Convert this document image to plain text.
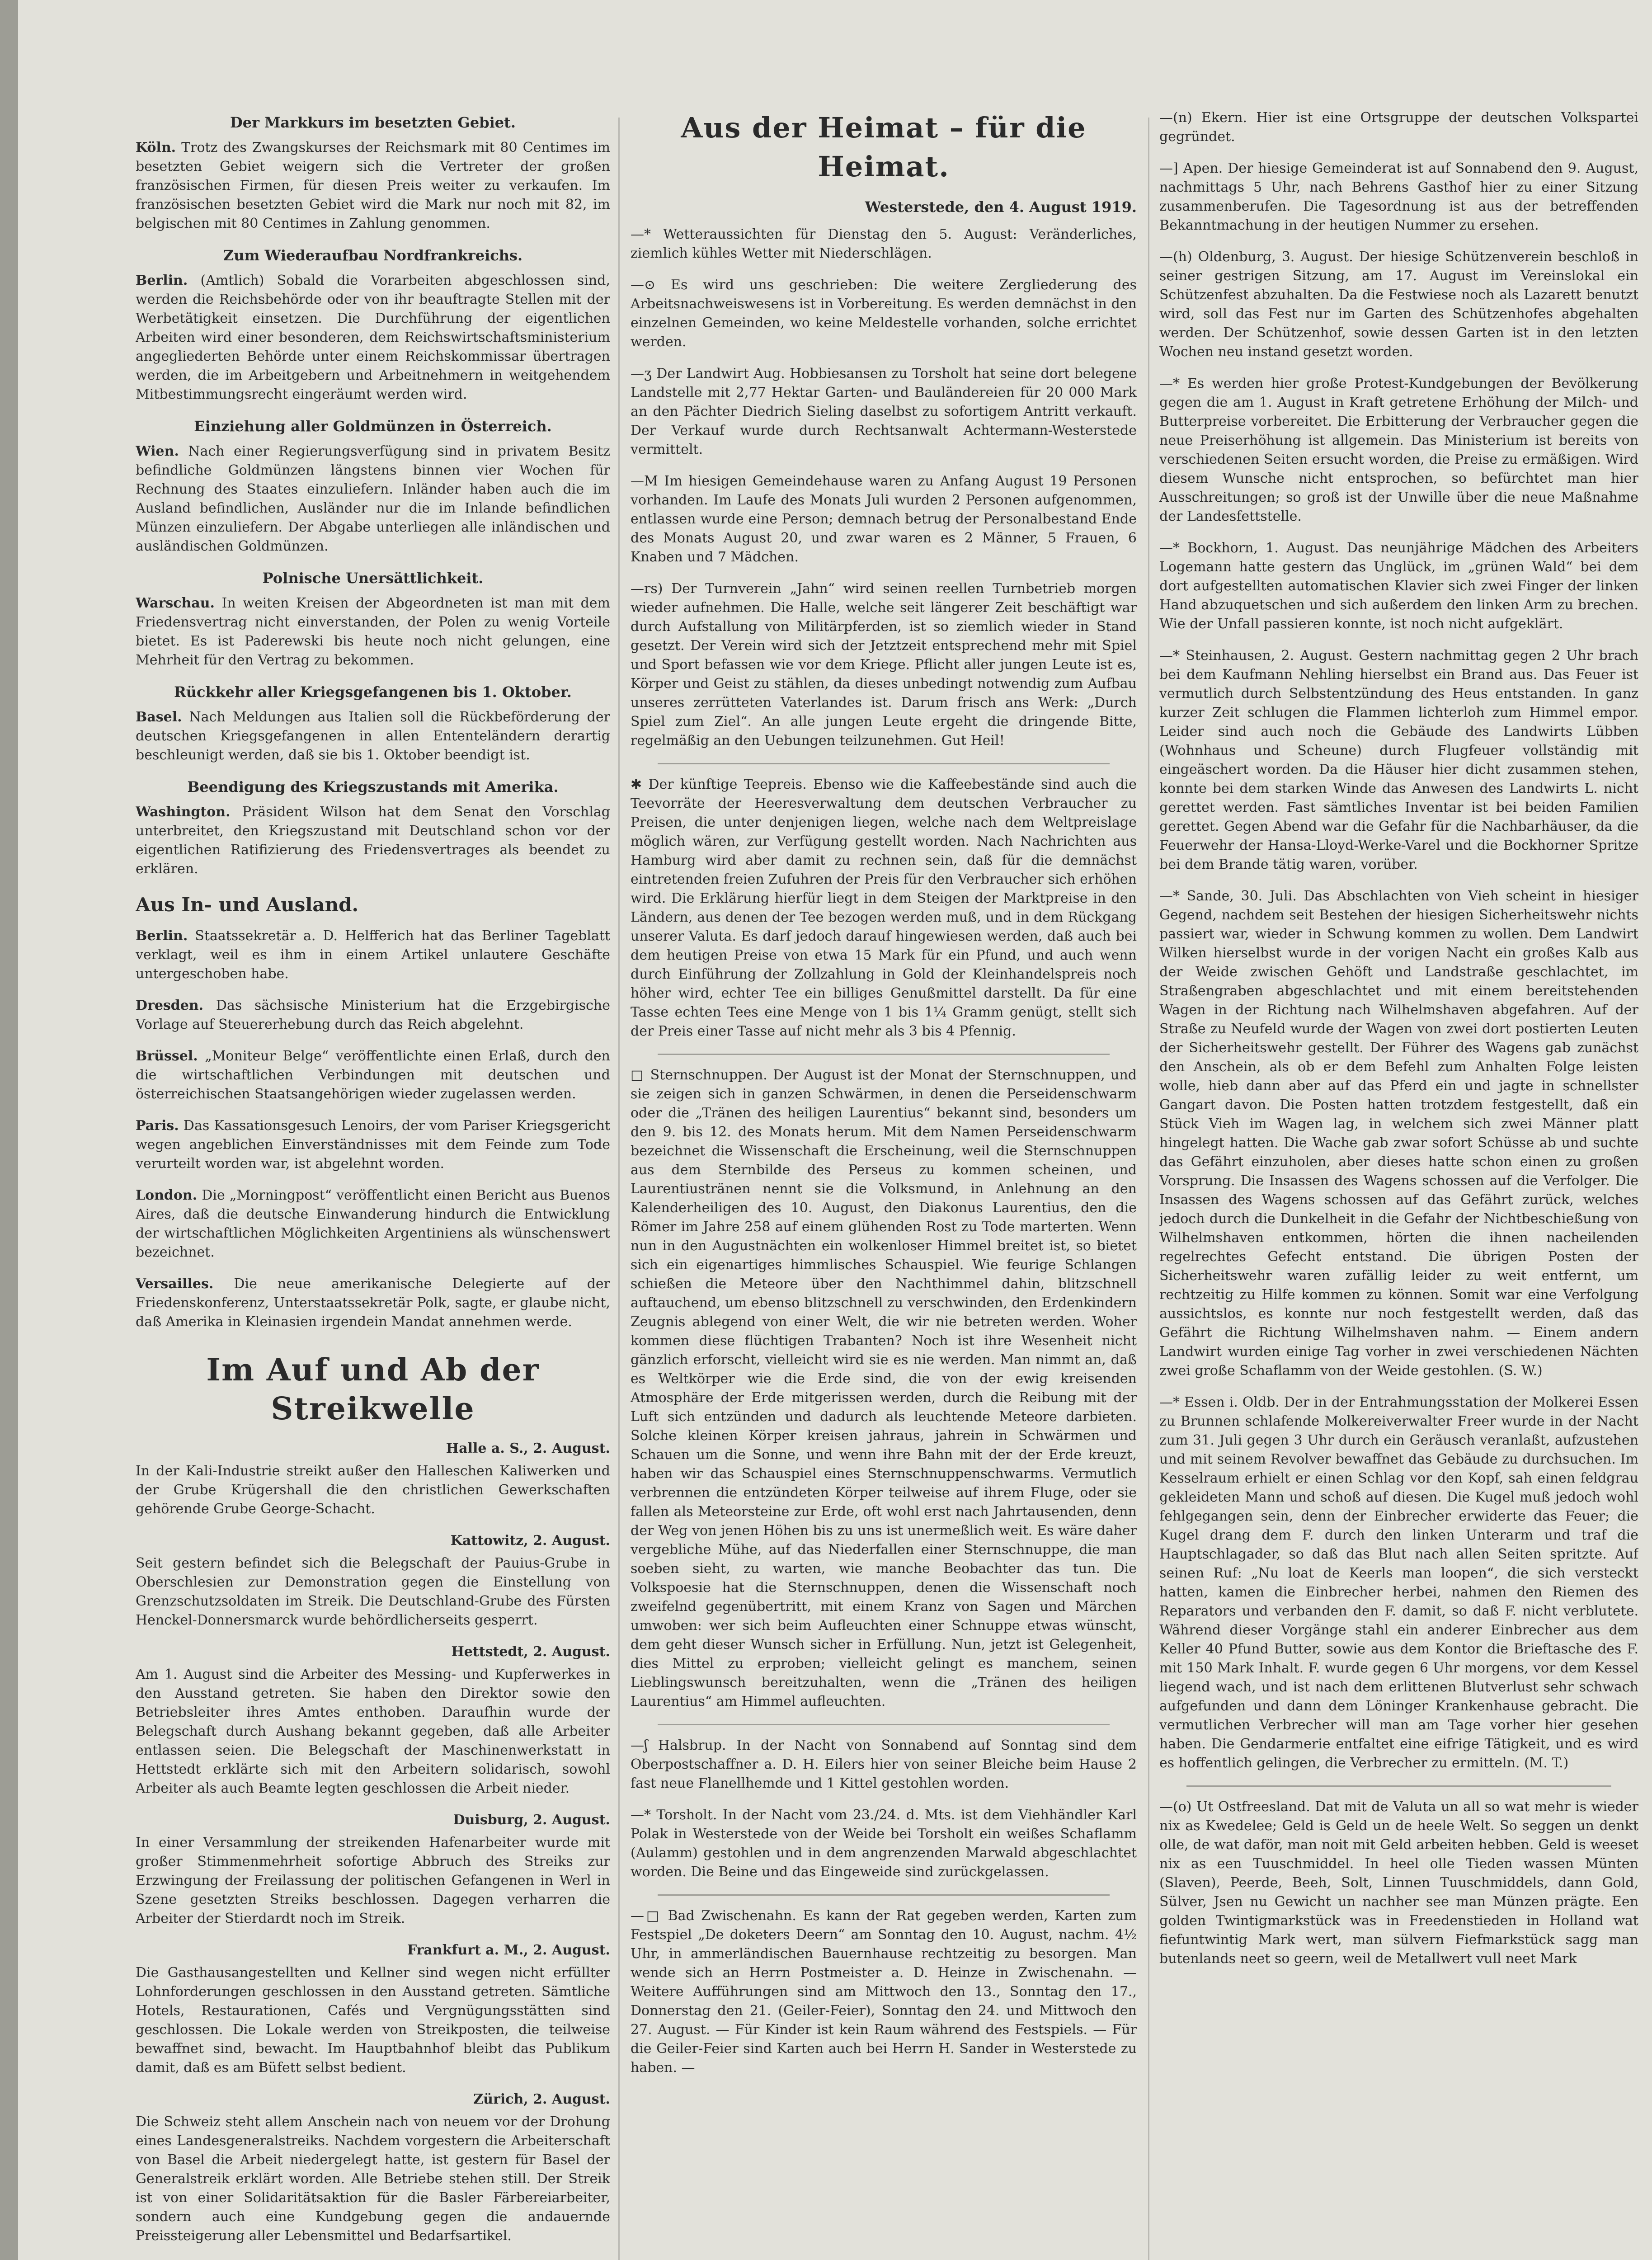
Der Markkurs im besetzten Gebiet.

Köln. Trotz des Zwangskurses der Reichsmark mit 80 Centimes im besetzten Gebiet weigern sich die Vertreter der großen französischen Firmen, für diesen Preis weiter zu verkaufen. Im französischen besetzten Gebiet wird die Mark nur noch mit 82, im belgischen mit 80 Centimes in Zahlung genommen.

Zum Wiederaufbau Nordfrankreichs.

Berlin. (Amtlich) Sobald die Vorarbeiten abgeschlossen sind, werden die Reichsbehörde oder von ihr beauftragte Stellen mit der Werbetätigkeit einsetzen. Die Durchführung der eigentlichen Arbeiten wird einer besonderen, dem Reichswirtschaftsministerium angegliederten Behörde unter einem Reichskommissar übertragen werden, die im Arbeitgebern und Arbeitnehmern in weitgehendem Mitbestimmungsrecht eingeräumt werden wird.

Einziehung aller Goldmünzen in Österreich.

Wien. Nach einer Regierungsverfügung sind in privatem Besitz befindliche Goldmünzen längstens binnen vier Wochen für Rechnung des Staates einzuliefern. Inländer haben auch die im Ausland befindlichen, Ausländer nur die im Inlande befindlichen Münzen einzuliefern. Der Abgabe unterliegen alle inländischen und ausländischen Goldmünzen.

Polnische Unersättlichkeit.

Warschau. In weiten Kreisen der Abgeordneten ist man mit dem Friedensvertrag nicht einverstanden, der Polen zu wenig Vorteile bietet. Es ist Paderewski bis heute noch nicht gelungen, eine Mehrheit für den Vertrag zu bekommen.

Rückkehr aller Kriegsgefangenen bis 1. Oktober.

Basel. Nach Meldungen aus Italien soll die Rückbeförderung der deutschen Kriegsgefangenen in allen Ententeländern derartig beschleunigt werden, daß sie bis 1. Oktober beendigt ist.

Beendigung des Kriegszustands mit Amerika.

Washington. Präsident Wilson hat dem Senat den Vorschlag unterbreitet, den Kriegszustand mit Deutschland schon vor der eigentlichen Ratifizierung des Friedensvertrages als beendet zu erklären.

Aus In- und Ausland.

Berlin. Staatssekretär a. D. Helfferich hat das Berliner Tageblatt verklagt, weil es ihm in einem Artikel unlautere Geschäfte untergeschoben habe.

Dresden. Das sächsische Ministerium hat die Erzgebirgische Vorlage auf Steuererhebung durch das Reich abgelehnt.

Brüssel. „Moniteur Belge“ veröffentlichte einen Erlaß, durch den die wirtschaftlichen Verbindungen mit deutschen und österreichischen Staatsangehörigen wieder zugelassen werden.

Paris. Das Kassationsgesuch Lenoirs, der vom Pariser Kriegsgericht wegen angeblichen Einverständnisses mit dem Feinde zum Tode verurteilt worden war, ist abgelehnt worden.

London. Die „Morningpost“ veröffentlicht einen Bericht aus Buenos Aires, daß die deutsche Einwanderung hindurch die Entwicklung der wirtschaftlichen Möglichkeiten Argentiniens als wünschenswert bezeichnet.

Versailles. Die neue amerikanische Delegierte auf der Friedenskonferenz, Unterstaatssekretär Polk, sagte, er glaube nicht, daß Amerika in Kleinasien irgendein Mandat annehmen werde.

Im Auf und Ab der Streikwelle
Halle a. S., 2. August.

In der Kali-Industrie streikt außer den Halleschen Kaliwerken und der Grube Krügershall die den christlichen Gewerkschaften gehörende Grube George-Schacht.

Kattowitz, 2. August.

Seit gestern befindet sich die Belegschaft der Pauius-Grube in Oberschlesien zur Demonstration gegen die Einstellung von Grenzschutzsoldaten im Streik. Die Deutschland-Grube des Fürsten Henckel-Donnersmarck wurde behördlicherseits gesperrt.

Hettstedt, 2. August.

Am 1. August sind die Arbeiter des Messing- und Kupferwerkes in den Ausstand getreten. Sie haben den Direktor sowie den Betriebsleiter ihres Amtes enthoben. Daraufhin wurde der Belegschaft durch Aushang bekannt gegeben, daß alle Arbeiter entlassen seien. Die Belegschaft der Maschinenwerkstatt in Hettstedt erklärte sich mit den Arbeitern solidarisch, sowohl Arbeiter als auch Beamte legten geschlossen die Arbeit nieder.

Duisburg, 2. August.

In einer Versammlung der streikenden Hafenarbeiter wurde mit großer Stimmenmehrheit sofortige Abbruch des Streiks zur Erzwingung der Freilassung der politischen Gefangenen in Werl in Szene gesetzten Streiks beschlossen. Dagegen verharren die Arbeiter der Stierdardt noch im Streik.

Frankfurt a. M., 2. August.

Die Gasthausangestellten und Kellner sind wegen nicht erfüllter Lohnforderungen geschlossen in den Ausstand getreten. Sämtliche Hotels, Restaurationen, Cafés und Vergnügungsstätten sind geschlossen. Die Lokale werden von Streikposten, die teilweise bewaffnet sind, bewacht. Im Hauptbahnhof bleibt das Publikum damit, daß es am Büfett selbst bedient.

Zürich, 2. August.

Die Schweiz steht allem Anschein nach von neuem vor der Drohung eines Landesgeneralstreiks. Nachdem vorgestern die Arbeiterschaft von Basel die Arbeit niedergelegt hatte, ist gestern für Basel der Generalstreik erklärt worden. Alle Betriebe stehen still. Der Streik ist von einer Solidaritätsaktion für die Basler Färbereiarbeiter, sondern auch eine Kundgebung gegen die andauernde Preissteigerung aller Lebensmittel und Bedarfsartikel.

Aus der Heimat – für die Heimat.
Westerstede, den 4. August 1919.

—* Wetteraussichten für Dienstag den 5. August: Veränderliches, ziemlich kühles Wetter mit Niederschlägen.

—⊙ Es wird uns geschrieben: Die weitere Zergliederung des Arbeitsnachweiswesens ist in Vorbereitung. Es werden demnächst in den einzelnen Gemeinden, wo keine Meldestelle vorhanden, solche errichtet werden.

—ʒ Der Landwirt Aug. Hobbiesansen zu Torsholt hat seine dort belegene Landstelle mit 2,77 Hektar Garten- und Bauländereien für 20 000 Mark an den Pächter Diedrich Sieling daselbst zu sofortigem Antritt verkauft. Der Verkauf wurde durch Rechtsanwalt Achtermann-Westerstede vermittelt.

—M Im hiesigen Gemeindehause waren zu Anfang August 19 Personen vorhanden. Im Laufe des Monats Juli wurden 2 Personen aufgenommen, entlassen wurde eine Person; demnach betrug der Personalbestand Ende des Monats August 20, und zwar waren es 2 Männer, 5 Frauen, 6 Knaben und 7 Mädchen.

—rs) Der Turnverein „Jahn“ wird seinen reellen Turnbetrieb morgen wieder aufnehmen. Die Halle, welche seit längerer Zeit beschäftigt war durch Aufstallung von Militärpferden, ist so ziemlich wieder in Stand gesetzt. Der Verein wird sich der Jetztzeit entsprechend mehr mit Spiel und Sport befassen wie vor dem Kriege. Pflicht aller jungen Leute ist es, Körper und Geist zu stählen, da dieses unbedingt notwendig zum Aufbau unseres zerrütteten Vaterlandes ist. Darum frisch ans Werk: „Durch Spiel zum Ziel“. An alle jungen Leute ergeht die dringende Bitte, regelmäßig an den Uebungen teilzunehmen. Gut Heil!

✱ Der künftige Teepreis. Ebenso wie die Kaffeebestände sind auch die Teevorräte der Heeresverwaltung dem deutschen Verbraucher zu Preisen, die unter denjenigen liegen, welche nach dem Weltpreislage möglich wären, zur Verfügung gestellt worden. Nach Nachrichten aus Hamburg wird aber damit zu rechnen sein, daß für die demnächst eintretenden freien Zufuhren der Preis für den Verbraucher sich erhöhen wird. Die Erklärung hierfür liegt in dem Steigen der Marktpreise in den Ländern, aus denen der Tee bezogen werden muß, und in dem Rückgang unserer Valuta. Es darf jedoch darauf hingewiesen werden, daß auch bei dem heutigen Preise von etwa 15 Mark für ein Pfund, und auch wenn durch Einführung der Zollzahlung in Gold der Kleinhandelspreis noch höher wird, echter Tee ein billiges Genußmittel darstellt. Da für eine Tasse echten Tees eine Menge von 1 bis 1¼ Gramm genügt, stellt sich der Preis einer Tasse auf nicht mehr als 3 bis 4 Pfennig.

□ Sternschnuppen. Der August ist der Monat der Sternschnuppen, und sie zeigen sich in ganzen Schwärmen, in denen die Perseidenschwarm oder die „Tränen des heiligen Laurentius“ bekannt sind, besonders um den 9. bis 12. des Monats herum. Mit dem Namen Perseidenschwarm bezeichnet die Wissenschaft die Erscheinung, weil die Sternschnuppen aus dem Sternbilde des Perseus zu kommen scheinen, und Laurentiustränen nennt sie die Volksmund, in Anlehnung an den Kalenderheiligen des 10. August, den Diakonus Laurentius, den die Römer im Jahre 258 auf einem glühenden Rost zu Tode marterten. Wenn nun in den Augustnächten ein wolkenloser Himmel breitet ist, so bietet sich ein eigenartiges himmlisches Schauspiel. Wie feurige Schlangen schießen die Meteore über den Nachthimmel dahin, blitzschnell auftauchend, um ebenso blitzschnell zu verschwinden, den Erdenkindern Zeugnis ablegend von einer Welt, die wir nie betreten werden. Woher kommen diese flüchtigen Trabanten? Noch ist ihre Wesenheit nicht gänzlich erforscht, vielleicht wird sie es nie werden. Man nimmt an, daß es Weltkörper wie die Erde sind, die von der ewig kreisenden Atmosphäre der Erde mitgerissen werden, durch die Reibung mit der Luft sich entzünden und dadurch als leuchtende Meteore darbieten. Solche kleinen Körper kreisen jahraus, jahrein in Schwärmen und Schauen um die Sonne, und wenn ihre Bahn mit der der Erde kreuzt, haben wir das Schauspiel eines Sternschnuppenschwarms. Vermutlich verbrennen die entzündeten Körper teilweise auf ihrem Fluge, oder sie fallen als Meteorsteine zur Erde, oft wohl erst nach Jahrtausenden, denn der Weg von jenen Höhen bis zu uns ist unermeßlich weit. Es wäre daher vergebliche Mühe, auf das Niederfallen einer Sternschnuppe, die man soeben sieht, zu warten, wie manche Beobachter das tun. Die Volkspoesie hat die Sternschnuppen, denen die Wissenschaft noch zweifelnd gegenübertritt, mit einem Kranz von Sagen und Märchen umwoben: wer sich beim Aufleuchten einer Schnuppe etwas wünscht, dem geht dieser Wunsch sicher in Erfüllung. Nun, jetzt ist Gelegenheit, dies Mittel zu erproben; vielleicht gelingt es manchem, seinen Lieblingswunsch bereitzuhalten, wenn die „Tränen des heiligen Laurentius“ am Himmel aufleuchten.

—ʃ Halsbrup. In der Nacht von Sonnabend auf Sonntag sind dem Oberpostschaffner a. D. H. Eilers hier von seiner Bleiche beim Hause 2 fast neue Flanellhemde und 1 Kittel gestohlen worden.

—* Torsholt. In der Nacht vom 23./24. d. Mts. ist dem Viehhändler Karl Polak in Westerstede von der Weide bei Torsholt ein weißes Schaflamm (Aulamm) gestohlen und in dem angrenzenden Marwald abgeschlachtet worden. Die Beine und das Eingeweide sind zurückgelassen.

—□ Bad Zwischenahn. Es kann der Rat gegeben werden, Karten zum Festspiel „De doketers Deern“ am Sonntag den 10. August, nachm. 4½ Uhr, in ammerländischen Bauernhause rechtzeitig zu besorgen. Man wende sich an Herrn Postmeister a. D. Heinze in Zwischenahn. — Weitere Aufführungen sind am Mittwoch den 13., Sonntag den 17., Donnerstag den 21. (Geiler-Feier), Sonntag den 24. und Mittwoch den 27. August. — Für Kinder ist kein Raum während des Festspiels. — Für die Geiler-Feier sind Karten auch bei Herrn H. Sander in Westerstede zu haben. —

—(n) Ekern. Hier ist eine Ortsgruppe der deutschen Volkspartei gegründet.

—] Apen. Der hiesige Gemeinderat ist auf Sonnabend den 9. August, nachmittags 5 Uhr, nach Behrens Gasthof hier zu einer Sitzung zusammenberufen. Die Tagesordnung ist aus der betreffenden Bekanntmachung in der heutigen Nummer zu ersehen.

—(h) Oldenburg, 3. August. Der hiesige Schützenverein beschloß in seiner gestrigen Sitzung, am 17. August im Vereinslokal ein Schützenfest abzuhalten. Da die Festwiese noch als Lazarett benutzt wird, soll das Fest nur im Garten des Schützenhofes abgehalten werden. Der Schützenhof, sowie dessen Garten ist in den letzten Wochen neu instand gesetzt worden.

—* Es werden hier große Protest-Kundgebungen der Bevölkerung gegen die am 1. August in Kraft getretene Erhöhung der Milch- und Butterpreise vorbereitet. Die Erbitterung der Verbraucher gegen die neue Preiserhöhung ist allgemein. Das Ministerium ist bereits von verschiedenen Seiten ersucht worden, die Preise zu ermäßigen. Wird diesem Wunsche nicht entsprochen, so befürchtet man hier Ausschreitungen; so groß ist der Unwille über die neue Maßnahme der Landesfettstelle.

—* Bockhorn, 1. August. Das neunjährige Mädchen des Arbeiters Logemann hatte gestern das Unglück, im „grünen Wald“ bei dem dort aufgestellten automatischen Klavier sich zwei Finger der linken Hand abzuquetschen und sich außerdem den linken Arm zu brechen. Wie der Unfall passieren konnte, ist noch nicht aufgeklärt.

—* Steinhausen, 2. August. Gestern nachmittag gegen 2 Uhr brach bei dem Kaufmann Nehling hierselbst ein Brand aus. Das Feuer ist vermutlich durch Selbstentzündung des Heus entstanden. In ganz kurzer Zeit schlugen die Flammen lichterloh zum Himmel empor. Leider sind auch noch die Gebäude des Landwirts Lübben (Wohnhaus und Scheune) durch Flugfeuer vollständig mit eingeäschert worden. Da die Häuser hier dicht zusammen stehen, konnte bei dem starken Winde das Anwesen des Landwirts L. nicht gerettet werden. Fast sämtliches Inventar ist bei beiden Familien gerettet. Gegen Abend war die Gefahr für die Nachbarhäuser, da die Feuerwehr der Hansa-Lloyd-Werke-Varel und die Bockhorner Spritze bei dem Brande tätig waren, vorüber.

—* Sande, 30. Juli. Das Abschlachten von Vieh scheint in hiesiger Gegend, nachdem seit Bestehen der hiesigen Sicherheitswehr nichts passiert war, wieder in Schwung kommen zu wollen. Dem Landwirt Wilken hierselbst wurde in der vorigen Nacht ein großes Kalb aus der Weide zwischen Gehöft und Landstraße geschlachtet, im Straßengraben abgeschlachtet und mit einem bereitstehenden Wagen in der Richtung nach Wilhelmshaven abgefahren. Auf der Straße zu Neufeld wurde der Wagen von zwei dort postierten Leuten der Sicherheitswehr gestellt. Der Führer des Wagens gab zunächst den Anschein, als ob er dem Befehl zum Anhalten Folge leisten wolle, hieb dann aber auf das Pferd ein und jagte in schnellster Gangart davon. Die Posten hatten trotzdem festgestellt, daß ein Stück Vieh im Wagen lag, in welchem sich zwei Männer platt hingelegt hatten. Die Wache gab zwar sofort Schüsse ab und suchte das Gefährt einzuholen, aber dieses hatte schon einen zu großen Vorsprung. Die Insassen des Wagens schossen auf die Verfolger. Die Insassen des Wagens schossen auf das Gefährt zurück, welches jedoch durch die Dunkelheit in die Gefahr der Nichtbeschießung von Wilhelmshaven entkommen, hörten die ihnen nacheilenden regelrechtes Gefecht entstand. Die übrigen Posten der Sicherheitswehr waren zufällig leider zu weit entfernt, um rechtzeitig zu Hilfe kommen zu können. Somit war eine Verfolgung aussichtslos, es konnte nur noch festgestellt werden, daß das Gefährt die Richtung Wilhelmshaven nahm. — Einem andern Landwirt wurden einige Tag vorher in zwei verschiedenen Nächten zwei große Schaflamm von der Weide gestohlen. (S. W.)

—* Essen i. Oldb. Der in der Entrahmungsstation der Molkerei Essen zu Brunnen schlafende Molkereiverwalter Freer wurde in der Nacht zum 31. Juli gegen 3 Uhr durch ein Geräusch veranlaßt, aufzustehen und mit seinem Revolver bewaffnet das Gebäude zu durchsuchen. Im Kesselraum erhielt er einen Schlag vor den Kopf, sah einen feldgrau gekleideten Mann und schoß auf diesen. Die Kugel muß jedoch wohl fehlgegangen sein, denn der Einbrecher erwiderte das Feuer; die Kugel drang dem F. durch den linken Unterarm und traf die Hauptschlagader, so daß das Blut nach allen Seiten spritzte. Auf seinen Ruf: „Nu loat de Keerls man loopen“, die sich versteckt hatten, kamen die Einbrecher herbei, nahmen den Riemen des Reparators und verbanden den F. damit, so daß F. nicht verblutete. Während dieser Vorgänge stahl ein anderer Einbrecher aus dem Keller 40 Pfund Butter, sowie aus dem Kontor die Brieftasche des F. mit 150 Mark Inhalt. F. wurde gegen 6 Uhr morgens, vor dem Kessel liegend wach, und ist nach dem erlittenen Blutverlust sehr schwach aufgefunden und dann dem Löninger Krankenhause gebracht. Die vermutlichen Verbrecher will man am Tage vorher hier gesehen haben. Die Gendarmerie entfaltet eine eifrige Tätigkeit, und es wird es hoffentlich gelingen, die Verbrecher zu ermitteln. (M. T.)

—(o) Ut Ostfreesland. Dat mit de Valuta un all so wat mehr is wieder nix as Kwedelee; Geld is Geld un de heele Welt. So seggen un denkt olle, de wat daför, man noit mit Geld arbeiten hebben. Geld is weeset nix as een Tuuschmiddel. In heel olle Tieden wassen Münten (Slaven), Peerde, Beeh, Solt, Linnen Tuuschmiddels, dann Gold, Sülver, Jsen nu Gewicht un nachher see man Münzen prägte. Een golden Twintigmarkstück was in Freedenstieden in Holland wat fiefuntwintig Mark wert, man sülvern Fiefmarkstück sagg man butenlands neet so geern, weil de Metallwert vull neet Mark
